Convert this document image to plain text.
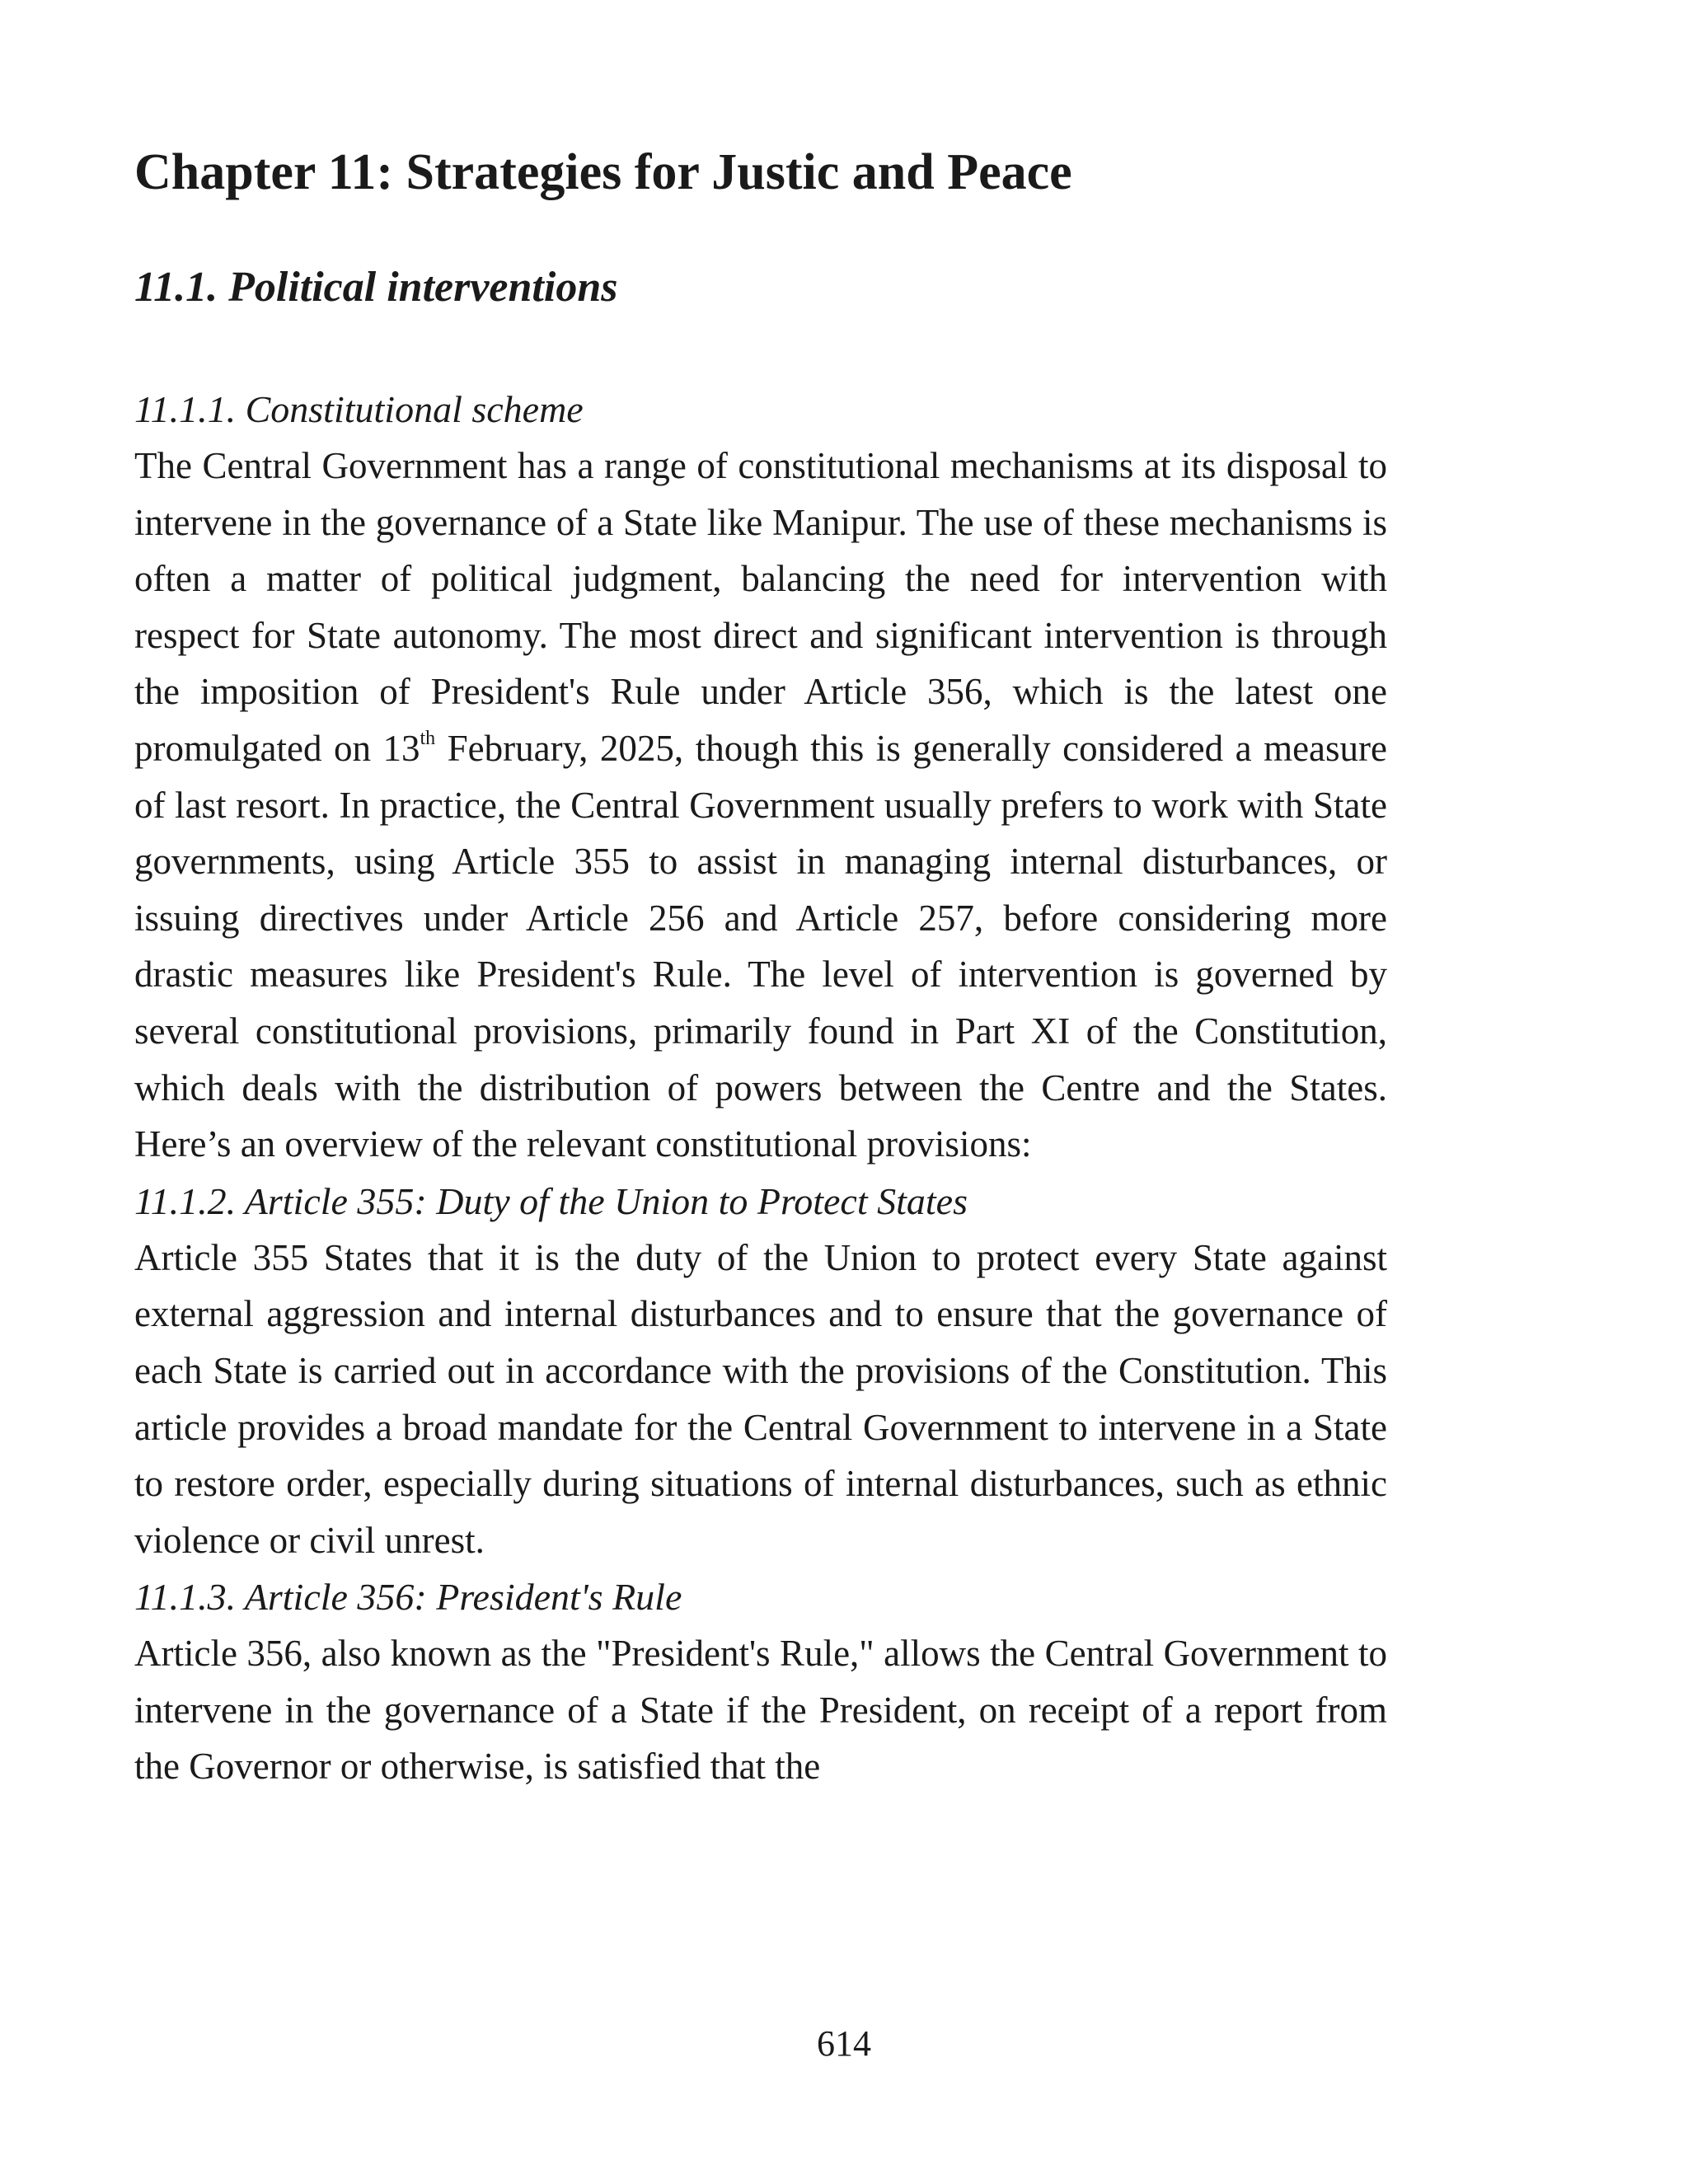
Chapter 11: Strategies for Justic and Peace
11.1. Political interventions
11.1.1. Constitutional scheme

The Central Government has a range of constitutional mechanisms at its disposal to intervene in the governance of a State like Manipur. The use of these mechanisms is often a matter of political judgment, balancing the need for intervention with respect for State autonomy. The most direct and significant intervention is through the imposition of President's Rule under Article 356, which is the latest one promulgated on 13th February, 2025, though this is generally considered a measure of last resort. In practice, the Central Government usually prefers to work with State governments, using Article 355 to assist in managing internal disturbances, or issuing directives under Article 256 and Article 257, before considering more drastic measures like President's Rule. The level of intervention is governed by several constitutional provisions, primarily found in Part XI of the Constitution, which deals with the distribution of powers between the Centre and the States. Here’s an overview of the relevant constitutional provisions:

11.1.2. Article 355: Duty of the Union to Protect States

Article 355 States that it is the duty of the Union to protect every State against external aggression and internal disturbances and to ensure that the governance of each State is carried out in accordance with the provisions of the Constitution. This article provides a broad mandate for the Central Government to intervene in a State to restore order, especially during situations of internal disturbances, such as ethnic violence or civil unrest.

11.1.3. Article 356: President's Rule

Article 356, also known as the "President's Rule," allows the Central Government to intervene in the governance of a State if the President, on receipt of a report from the Governor or otherwise, is satisfied that the

614
